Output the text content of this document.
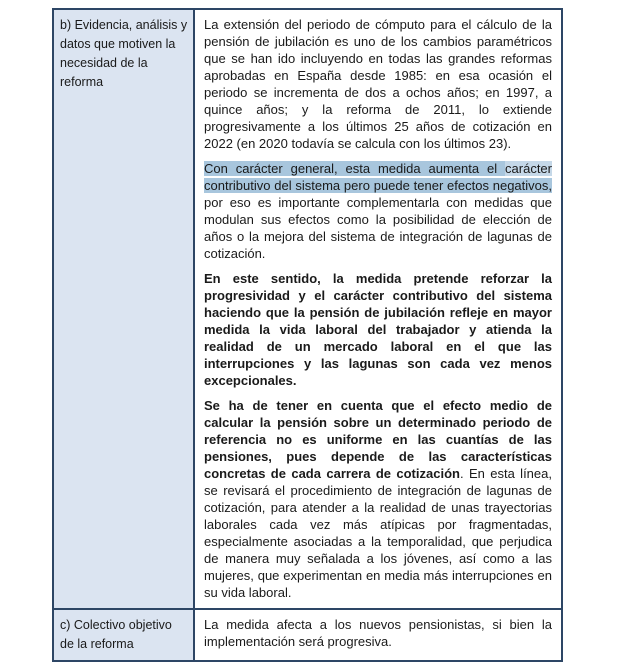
b) Evidencia, análisis y datos que motiven la necesidad de la reforma

La extensión del periodo de cómputo para el cálculo de la pensión de jubilación es uno de los cambios paramétricos que se han ido incluyendo en todas las grandes reformas aprobadas en España desde 1985: en esa ocasión el periodo se incrementa de dos a ochos años; en 1997, a quince años; y la reforma de 2011, lo extiende progresivamente a los últimos 25 años de cotización en 2022 (en 2020 todavía se calcula con los últimos 23).

Con carácter general, esta medida aumenta el carácter contributivo del sistema pero puede tener efectos negativos, por eso es importante complementarla con medidas que modulan sus efectos como la posibilidad de elección de años o la mejora del sistema de integración de lagunas de cotización.

En este sentido, la medida pretende reforzar la progresividad y el carácter contributivo del sistema haciendo que la pensión de jubilación refleje en mayor medida la vida laboral del trabajador y atienda la realidad de un mercado laboral en el que las interrupciones y las lagunas son cada vez menos excepcionales.

Se ha de tener en cuenta que el efecto medio de calcular la pensión sobre un determinado periodo de referencia no es uniforme en las cuantías de las pensiones, pues depende de las características concretas de cada carrera de cotización. En esta línea, se revisará el procedimiento de integración de lagunas de cotización, para atender a la realidad de unas trayectorias laborales cada vez más atípicas por fragmentadas, especialmente asociadas a la temporalidad, que perjudica de manera muy señalada a los jóvenes, así como a las mujeres, que experimentan en media más interrupciones en su vida laboral.

c) Colectivo objetivo de la reforma

La medida afecta a los nuevos pensionistas, si bien la implementación será progresiva.
